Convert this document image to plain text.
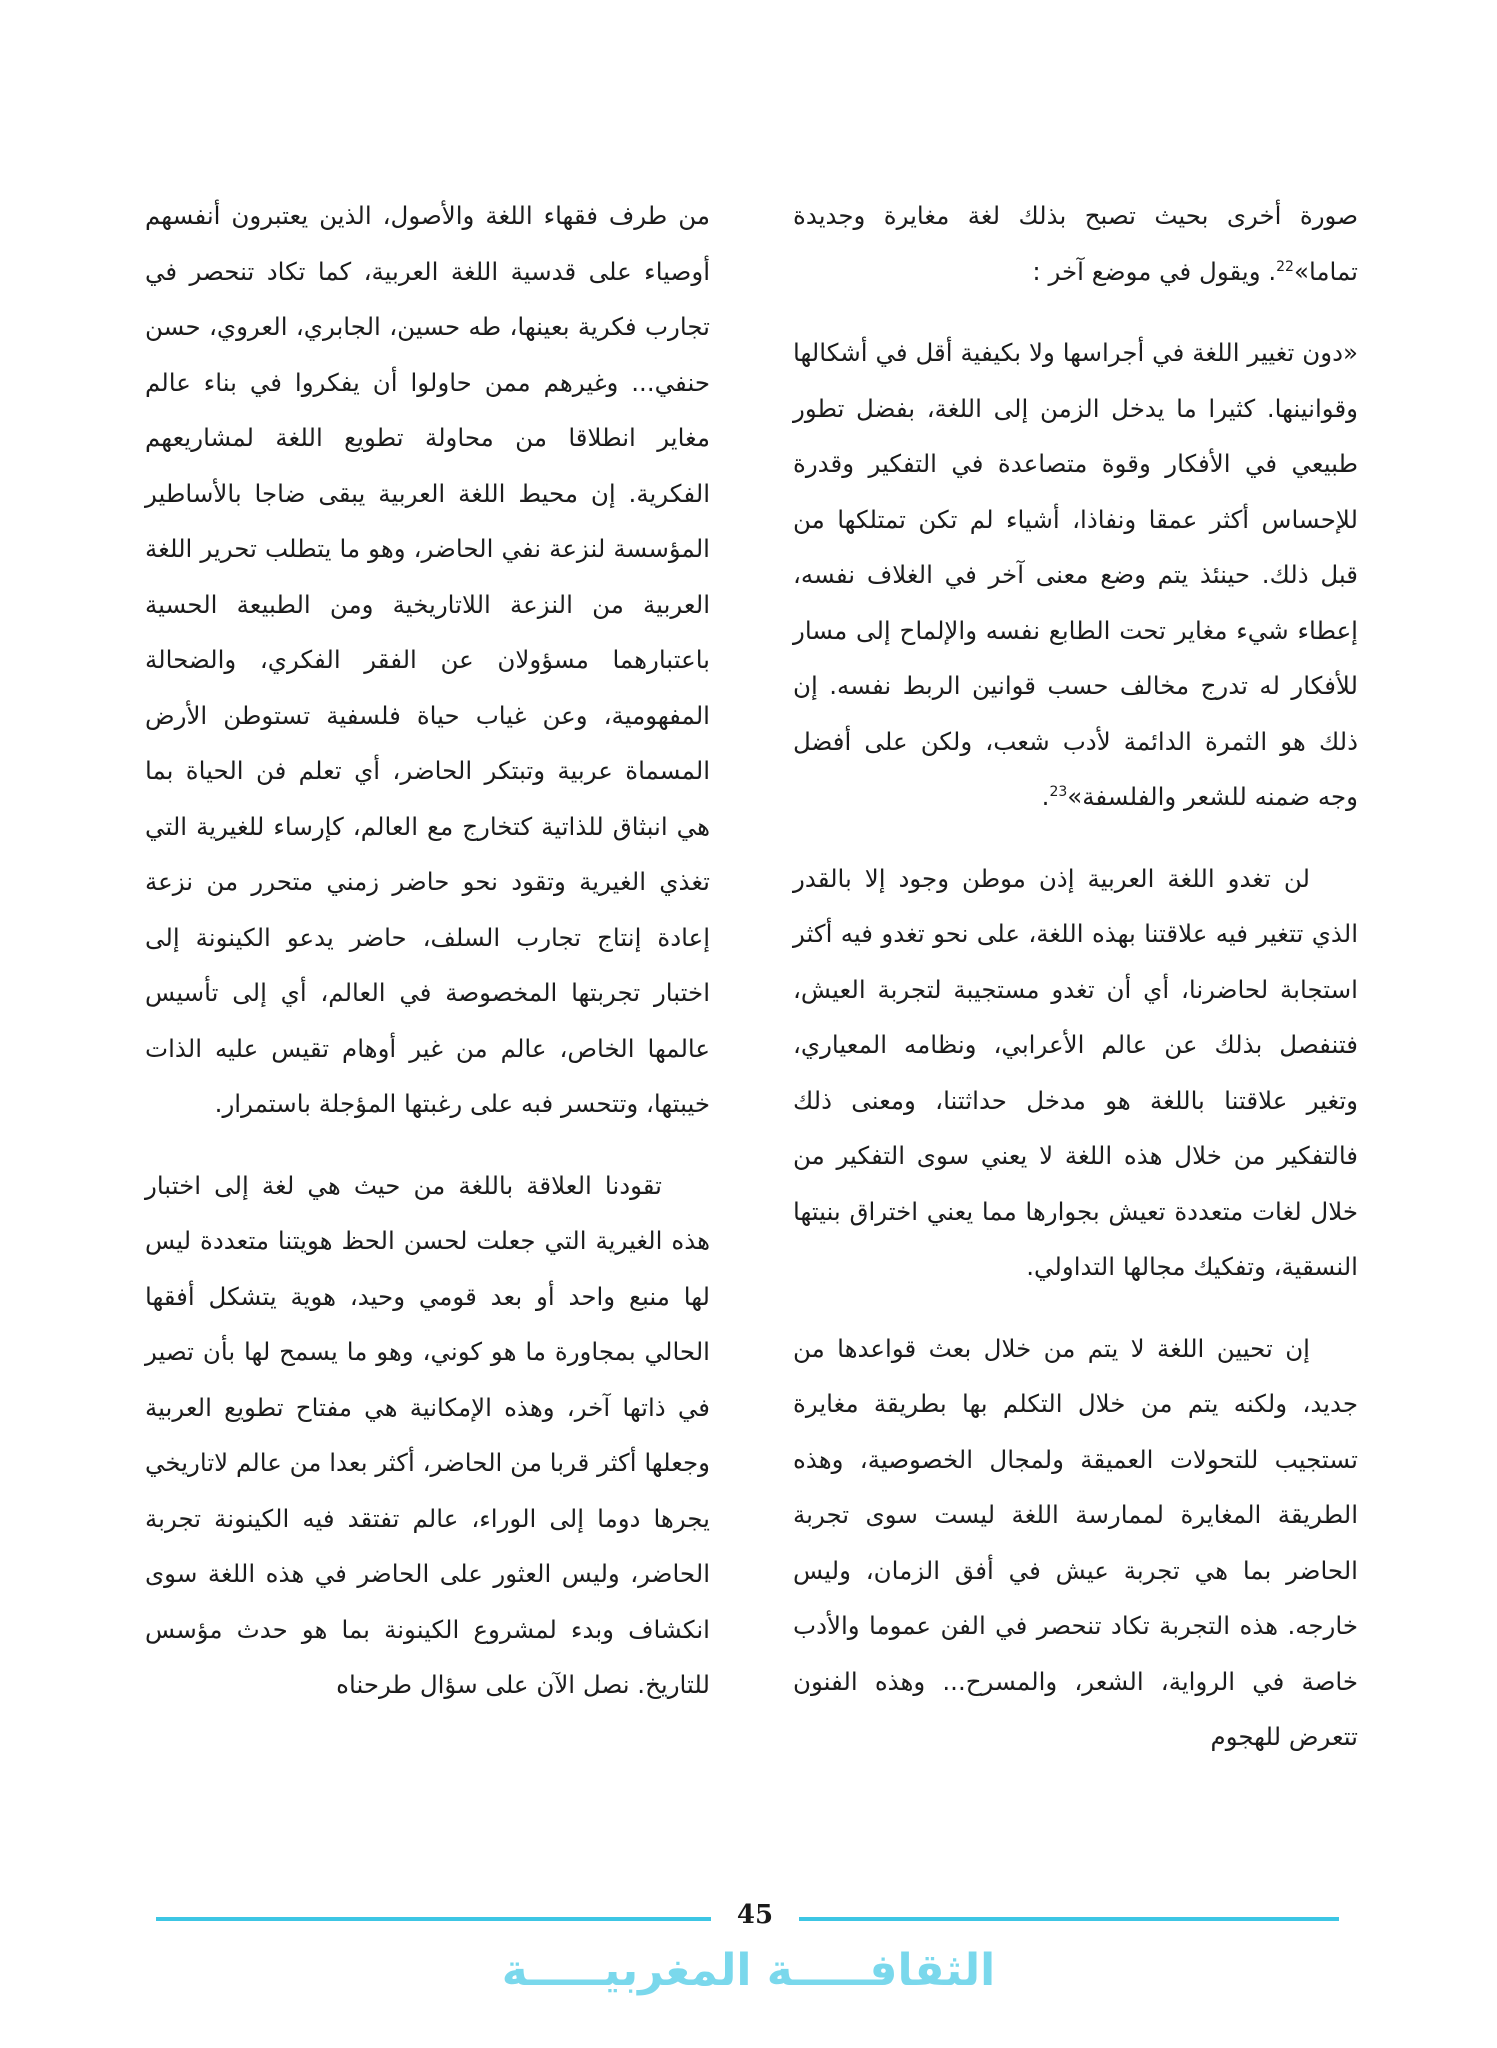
صورة أخرى بحيث تصبح بذلك لغة مغايرة وجديدة تماما»$^{22}$. ويقول في موضع آخر :

«دون تغيير اللغة في أجراسها ولا بكيفية أقل في أشكالها وقوانينها. كثيرا ما يدخل الزمن إلى اللغة، بفضل تطور طبيعي في الأفكار وقوة متصاعدة في التفكير وقدرة للإحساس أكثر عمقا ونفاذا، أشياء لم تكن تمتلكها من قبل ذلك. حينئذ يتم وضع معنى آخر في الغلاف نفسه، إعطاء شيء مغاير تحت الطابع نفسه والإلماح إلى مسار للأفكار له تدرج مخالف حسب قوانين الربط نفسه. إن ذلك هو الثمرة الدائمة لأدب شعب، ولكن على أفضل وجه ضمنه للشعر والفلسفة»$^{23}$.

لن تغدو اللغة العربية إذن موطن وجود إلا بالقدر الذي تتغير فيه علاقتنا بهذه اللغة، على نحو تغدو فيه أكثر استجابة لحاضرنا، أي أن تغدو مستجيبة لتجربة العيش، فتنفصل بذلك عن عالم الأعرابي، ونظامه المعياري، وتغير علاقتنا باللغة هو مدخل حداثتنا، ومعنى ذلك فالتفكير من خلال هذه اللغة لا يعني سوى التفكير من خلال لغات متعددة تعيش بجوارها مما يعني اختراق بنيتها النسقية، وتفكيك مجالها التداولي.

إن تحيين اللغة لا يتم من خلال بعث قواعدها من جديد، ولكنه يتم من خلال التكلم بها بطريقة مغايرة تستجيب للتحولات العميقة ولمجال الخصوصية، وهذه الطريقة المغايرة لممارسة اللغة ليست سوى تجربة الحاضر بما هي تجربة عيش في أفق الزمان، وليس خارجه. هذه التجربة تكاد تنحصر في الفن عموما والأدب خاصة في الرواية، الشعر، والمسرح... وهذه الفنون تتعرض للهجوم

من طرف فقهاء اللغة والأصول، الذين يعتبرون أنفسهم أوصياء على قدسية اللغة العربية، كما تكاد تنحصر في تجارب فكرية بعينها، طه حسين، الجابري، العروي، حسن حنفي... وغيرهم ممن حاولوا أن يفكروا في بناء عالم مغاير انطلاقا من محاولة تطويع اللغة لمشاريعهم الفكرية. إن محيط اللغة العربية يبقى ضاجا بالأساطير المؤسسة لنزعة نفي الحاضر، وهو ما يتطلب تحرير اللغة العربية من النزعة اللاتاريخية ومن الطبيعة الحسية باعتبارهما مسؤولان عن الفقر الفكري، والضحالة المفهومية، وعن غياب حياة فلسفية تستوطن الأرض المسماة عربية وتبتكر الحاضر، أي تعلم فن الحياة بما هي انبثاق للذاتية كتخارج مع العالم، كإرساء للغيرية التي تغذي الغيرية وتقود نحو حاضر زمني متحرر من نزعة إعادة إنتاج تجارب السلف، حاضر يدعو الكينونة إلى اختبار تجربتها المخصوصة في العالم، أي إلى تأسيس عالمها الخاص، عالم من غير أوهام تقيس عليه الذات خيبتها، وتتحسر فبه على رغبتها المؤجلة باستمرار.

تقودنا العلاقة باللغة من حيث هي لغة إلى اختبار هذه الغيرية التي جعلت لحسن الحظ هويتنا متعددة ليس لها منبع واحد أو بعد قومي وحيد، هوية يتشكل أفقها الحالي بمجاورة ما هو كوني، وهو ما يسمح لها بأن تصير في ذاتها آخر، وهذه الإمكانية هي مفتاح تطويع العربية وجعلها أكثر قربا من الحاضر، أكثر بعدا من عالم لاتاريخي يجرها دوما إلى الوراء، عالم تفتقد فيه الكينونة تجربة الحاضر، وليس العثور على الحاضر في هذه اللغة سوى انكشاف وبدء لمشروع الكينونة بما هو حدث مؤسس للتاريخ. نصل الآن على سؤال طرحناه

45
الثقافـــــة المغربيـــــة
